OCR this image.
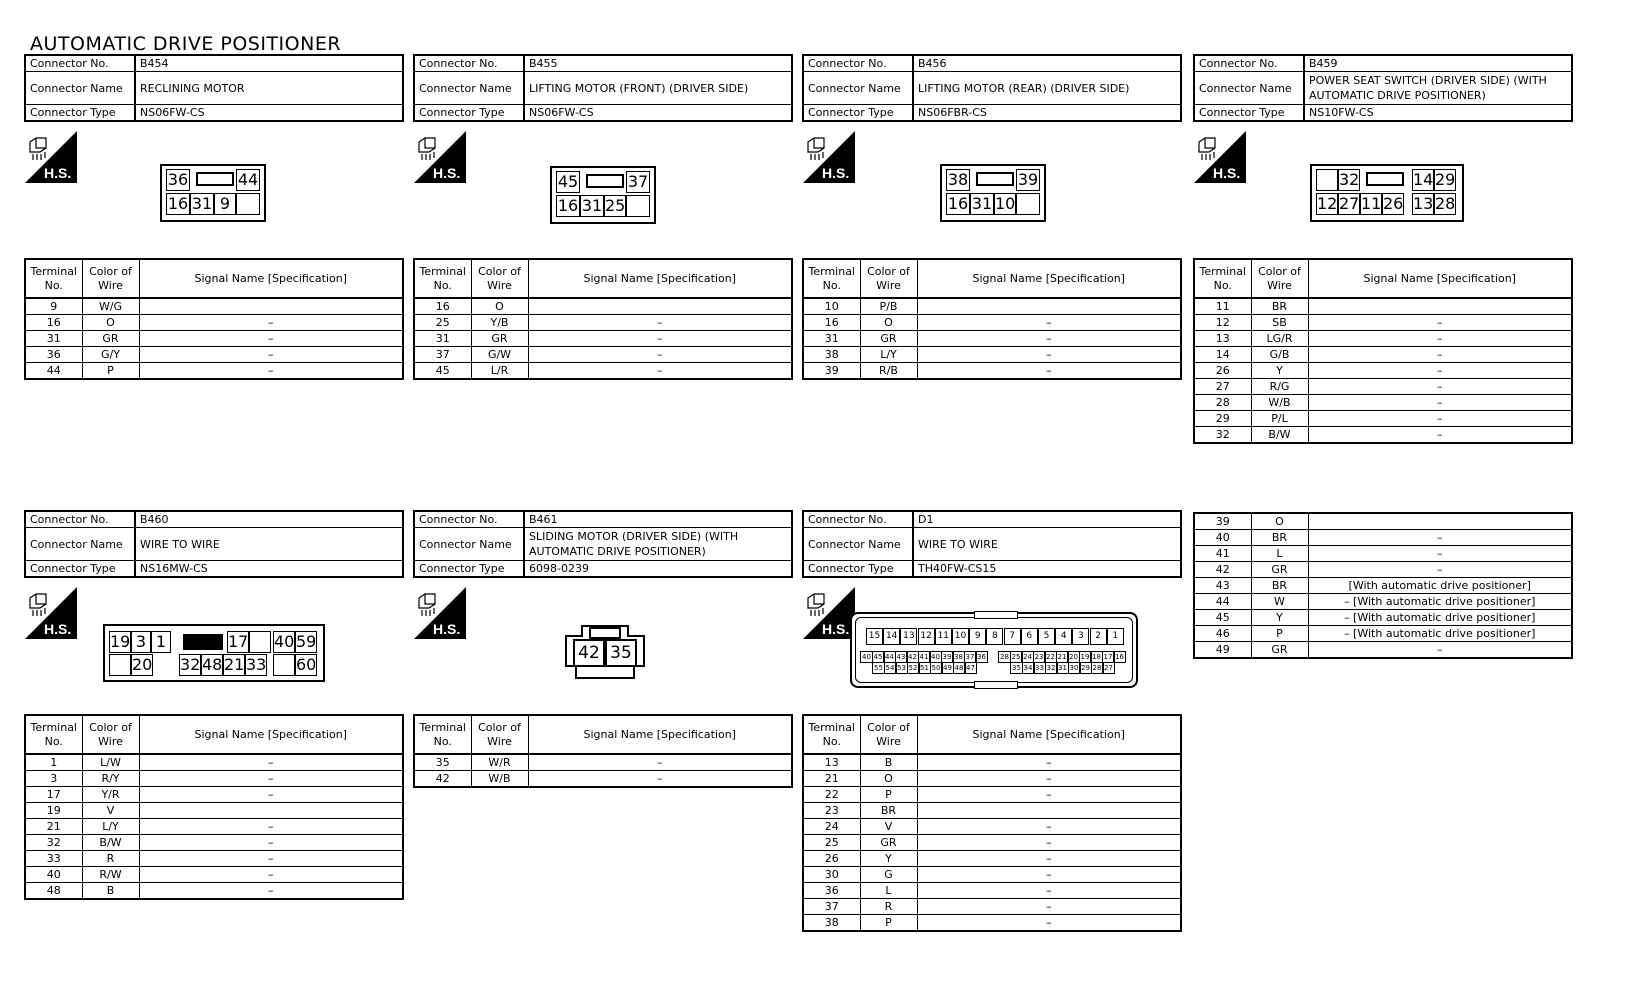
AUTOMATIC DRIVE POSITIONER
Connector No.	B454
Connector Name	RECLINING MOTOR
Connector Type	NS06FW-CS
H.S.
Connector No.	B455
Connector Name	LIFTING MOTOR (FRONT) (DRIVER SIDE)
Connector Type	NS06FW-CS
H.S.
Connector No.	B456
Connector Name	LIFTING MOTOR (REAR) (DRIVER SIDE)
Connector Type	NS06FBR-CS
H.S.
Connector No.	B459
Connector Name	POWER SEAT SWITCH (DRIVER SIDE) (WITH AUTOMATIC DRIVE POSITIONER)
Connector Type	NS10FW-CS
H.S.
36	44
16 31 9
45	37
16 31 25
38	39
16 31 10
32	14 29
12 27 11 26 13 28
Terminal No.	Color of Wire	Signal Name [Specification]
9	W/G	
16	O	–
31	GR	–
36	G/Y	–
44	P	–
Terminal No.	Color of Wire	Signal Name [Specification]
16	O	
25	Y/B	–
31	GR	–
37	G/W	–
45	L/R	–
Terminal No.	Color of Wire	Signal Name [Specification]
10	P/B	
16	O	–
31	GR	–
38	L/Y	–
39	R/B	–
Terminal No.	Color of Wire	Signal Name [Specification]
11	BR	
12	SB	–
13	LG/R	–
14	G/B	–
26	Y	–
27	R/G	–
28	W/B	–
29	P/L	–
32	B/W	–
Connector No.	B460
Connector Name	WIRE TO WIRE
Connector Type	NS16MW-CS
H.S.
Connector No.	B461
Connector Name	SLIDING MOTOR (DRIVER SIDE) (WITH AUTOMATIC DRIVE POSITIONER)
Connector Type	6098-0239
H.S.
Connector No.	D1
Connector Name	WIRE TO WIRE
Connector Type	TH40FW-CS15
H.S.
19 3 1	17 40 59
20 32 48 21 33 60
42 35
15 14 13 12 11 10 9	8	7	6	5	4	3	2	1
40 45 44 43 42 41 40 39 38 37 36 28 25 24 23 22 21 20 19 18 17 16
55 54 53 52 51 50 49 48 47	35 34 33 32 31 30 29 28 27
Terminal No.	Color of Wire	Signal Name [Specification]
1	L/W	–
3	R/Y	–
17	Y/R	–
19	V	
21	L/Y	–
32	B/W	–
33	R	–
40	R/W	–
48	B	–
Terminal No.	Color of Wire	Signal Name [Specification]
35	W/R	–
42	W/B	–
Terminal No.	Color of Wire	Signal Name [Specification]
13	B	–
21	O	–
22	P	–
23	BR	
24	V	–
25	GR	–
26	Y	–
30	G	–
36	L	–
37	R	–
38	P	–
39	O	
40	BR	–
41	L	–
42	GR	–
43	BR	[With automatic drive positioner]
44	W	– [With automatic drive positioner]
45	Y	– [With automatic drive positioner]
46	P	– [With automatic drive positioner]
49	GR	–
